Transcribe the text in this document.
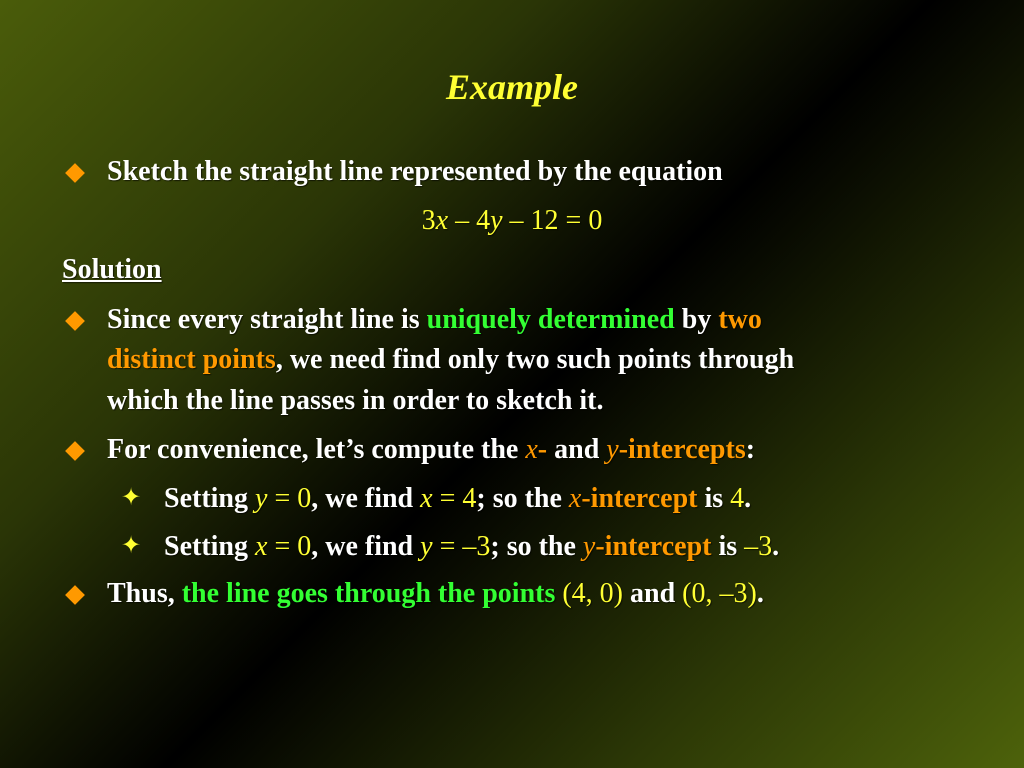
Example
Sketch the straight line represented by the equation
3x – 4y – 12 = 0
Solution
Since every straight line is uniquely determined by two
distinct points, we need find only two such points through
which the line passes in order to sketch it.
For convenience, let’s compute the x- and y-intercepts:
✦ Setting y = 0, we find x = 4; so the x-intercept is 4.
✦ Setting x = 0, we find y = –3; so the y-intercept is –3.
Thus, the line goes through the points (4, 0) and (0, –3).
